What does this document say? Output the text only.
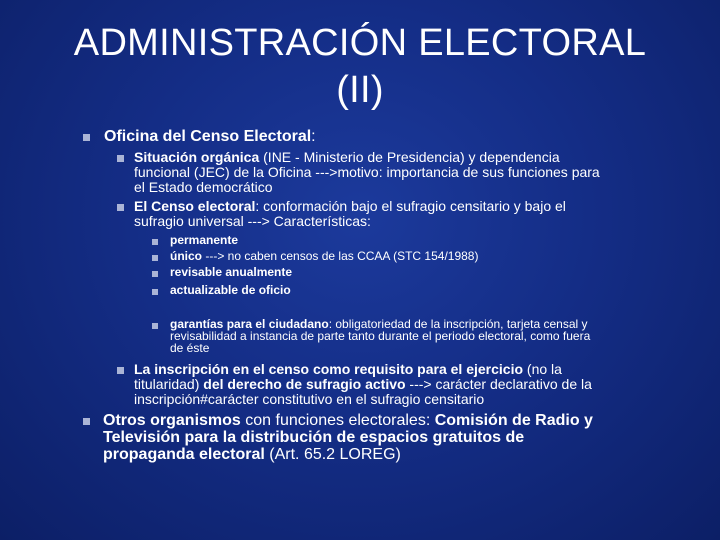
ADMINISTRACIÓN ELECTORAL
(II)
Oficina del Censo Electoral:
Situación orgánica (INE - Ministerio de Presidencia) y dependencia
funcional (JEC) de la Oficina --->motivo: importancia de sus funciones para
el Estado democrático
El Censo electoral: conformación bajo el sufragio censitario y bajo el
sufragio universal ---> Características:
permanente
único ---> no caben censos de las CCAA (STC 154/1988)
revisable anualmente
actualizable de oficio
garantías para el ciudadano: obligatoriedad de la inscripción, tarjeta censal y
revisabilidad a instancia de parte tanto durante el periodo electoral, como fuera
de éste
La inscripción en el censo como requisito para el ejercicio (no la
titularidad) del derecho de sufragio activo ---> carácter declarativo de la
inscripción#carácter constitutivo en el sufragio censitario
Otros organismos con funciones electorales: Comisión de Radio y
Televisión para la distribución de espacios gratuitos de
propaganda electoral (Art. 65.2 LOREG)
